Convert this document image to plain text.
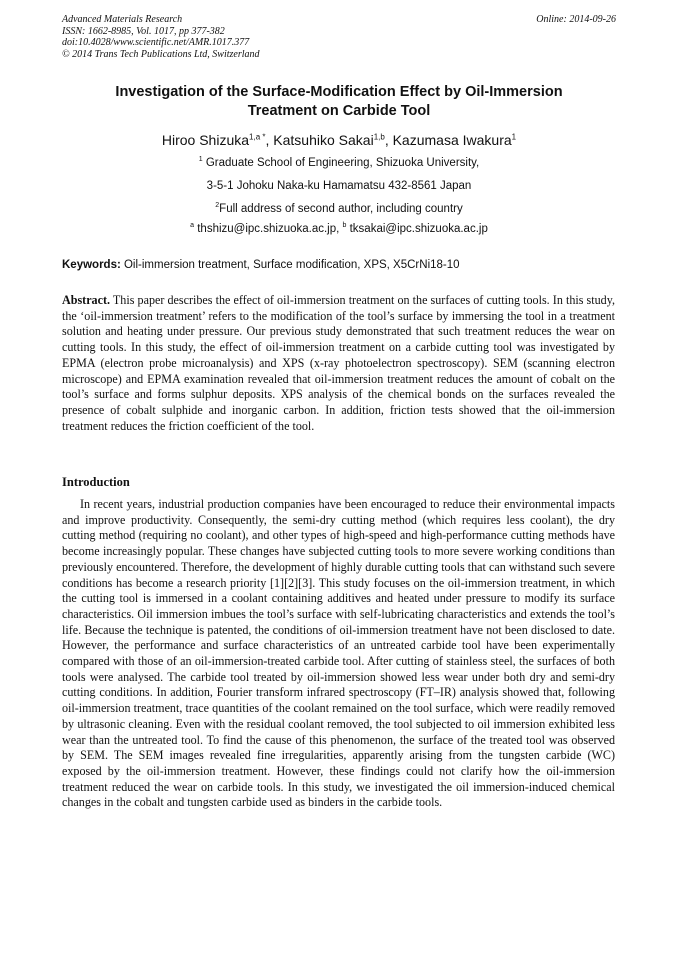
Advanced Materials Research
ISSN: 1662-8985, Vol. 1017, pp 377-382
doi:10.4028/www.scientific.net/AMR.1017.377
© 2014 Trans Tech Publications Ltd, Switzerland
Online: 2014-09-26
Investigation of the Surface-Modification Effect by Oil-Immersion Treatment on Carbide Tool
Hiroo Shizuka$^{1,a *}$, Katsuhiko Sakai$^{1,b}$, Kazumasa Iwakura$^1$
$^1$ Graduate School of Engineering, Shizuoka University,
3-5-1 Johoku Naka-ku Hamamatsu 432-8561 Japan
$^2$Full address of second author, including country
$^a$ thshizu@ipc.shizuoka.ac.jp, $^b$ tksakai@ipc.shizuoka.ac.jp
Keywords: Oil-immersion treatment, Surface modification, XPS, X5CrNi18-10
Abstract. This paper describes the effect of oil-immersion treatment on the surfaces of cutting tools. In this study, the ‘oil-immersion treatment’ refers to the modification of the tool’s surface by immersing the tool in a treatment solution and heating under pressure. Our previous study demonstrated that such treatment reduces the wear on cutting tools. In this study, the effect of oil-immersion treatment on a carbide cutting tool was investigated by EPMA (electron probe microanalysis) and XPS (x-ray photoelectron spectroscopy). SEM (scanning electron microscope) and EPMA examination revealed that oil-immersion treatment reduces the amount of cobalt on the tool’s surface and forms sulphur deposits. XPS analysis of the chemical bonds on the surfaces revealed the presence of cobalt sulphide and inorganic carbon. In addition, friction tests showed that the oil-immersion treatment reduces the friction coefficient of the tool.
Introduction

In recent years, industrial production companies have been encouraged to reduce their environmental impacts and improve productivity. Consequently, the semi-dry cutting method (which requires less coolant), the dry cutting method (requiring no coolant), and other types of high-speed and high-performance cutting methods have become increasingly popular. These changes have subjected cutting tools to more severe working conditions than previously encountered. Therefore, the development of highly durable cutting tools that can withstand such severe conditions has become a research priority [1][2][3]. This study focuses on the oil-immersion treatment, in which the cutting tool is immersed in a coolant containing additives and heated under pressure to modify its surface characteristics. Oil immersion imbues the tool’s surface with self-lubricating characteristics and extends the tool’s life. Because the technique is patented, the conditions of oil-immersion treatment have not been disclosed to date. However, the performance and surface characteristics of an untreated carbide tool have been experimentally compared with those of an oil-immersion-treated carbide tool. After cutting of stainless steel, the surfaces of both tools were analysed. The carbide tool treated by oil-immersion showed less wear under both dry and semi-dry cutting conditions. In addition, Fourier transform infrared spectroscopy (FT–IR) analysis showed that, following oil-immersion treatment, trace quantities of the coolant remained on the tool surface, which were readily removed by ultrasonic cleaning. Even with the residual coolant removed, the tool subjected to oil immersion exhibited less wear than the untreated tool. To find the cause of this phenomenon, the surface of the treated tool was observed by SEM. The SEM images revealed fine irregularities, apparently arising from the tungsten carbide (WC) exposed by the oil-immersion treatment. However, these findings could not clarify how the oil-immersion treatment reduced the wear on carbide tools. In this study, we investigated the oil immersion-induced chemical changes in the cobalt and tungsten carbide used as binders in the carbide tools.
